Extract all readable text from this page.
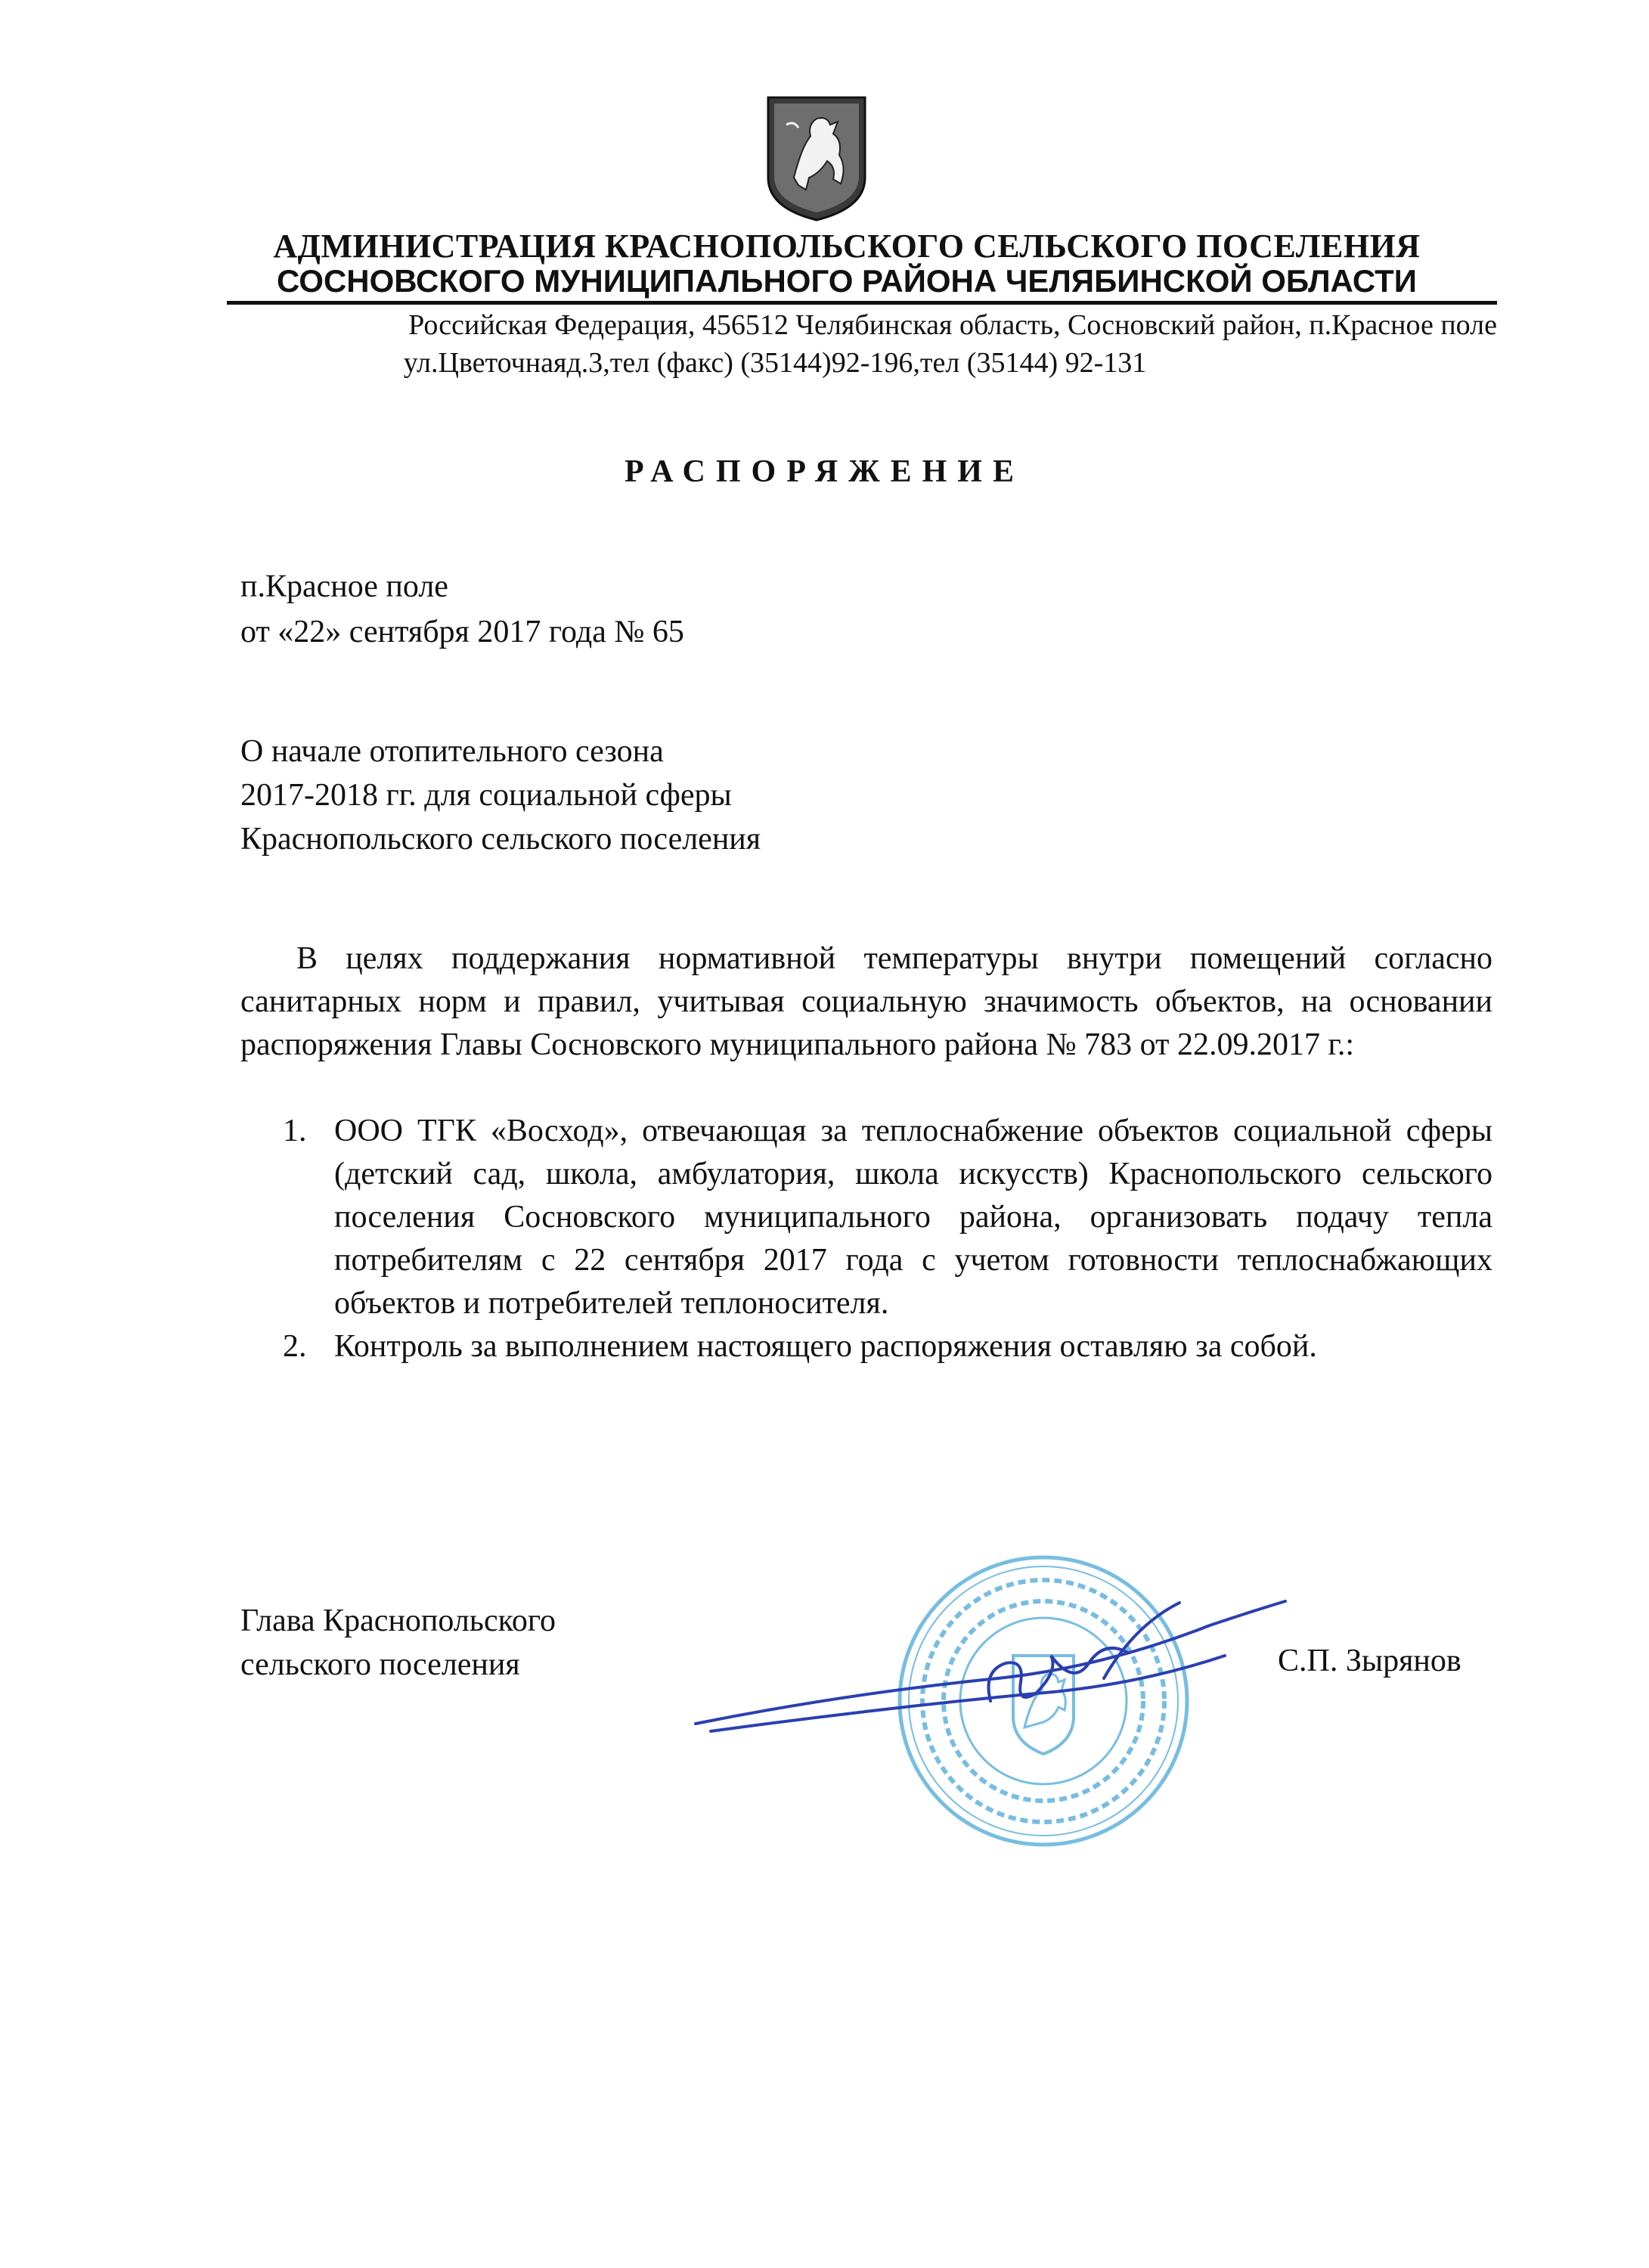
АДМИНИСТРАЦИЯ КРАСНОПОЛЬСКОГО СЕЛЬСКОГО ПОСЕЛЕНИЯ
СОСНОВСКОГО МУНИЦИПАЛЬНОГО РАЙОНА ЧЕЛЯБИНСКОЙ ОБЛАСТИ
Российская Федерация, 456512 Челябинская область, Сосновский район, п.Красное поле
ул.Цветочнаяд.3,тел (факс) (35144)92-196,тел (35144) 92-131
РАСПОРЯЖЕНИЕ
п.Красное поле
от «22» сентября 2017 года № 65
О начале отопительного сезона
2017-2018 гг. для социальной сферы
Краснопольского сельского поселения
В целях поддержания нормативной температуры внутри помещений согласно санитарных норм и правил, учитывая социальную значимость объектов, на основании распоряжения Главы Сосновского муниципального района № 783 от 22.09.2017 г.:
1. ООО ТГК «Восход», отвечающая за теплоснабжение объектов социальной сферы (детский сад, школа, амбулатория, школа искусств) Краснопольского сельского поселения Сосновского муниципального района, организовать подачу тепла потребителям с 22 сентября 2017 года с учетом готовности теплоснабжающих объектов и потребителей теплоносителя.
2. Контроль за выполнением настоящего распоряжения оставляю за собой.
Глава Краснопольского
сельского поселения	С.П. Зырянов
